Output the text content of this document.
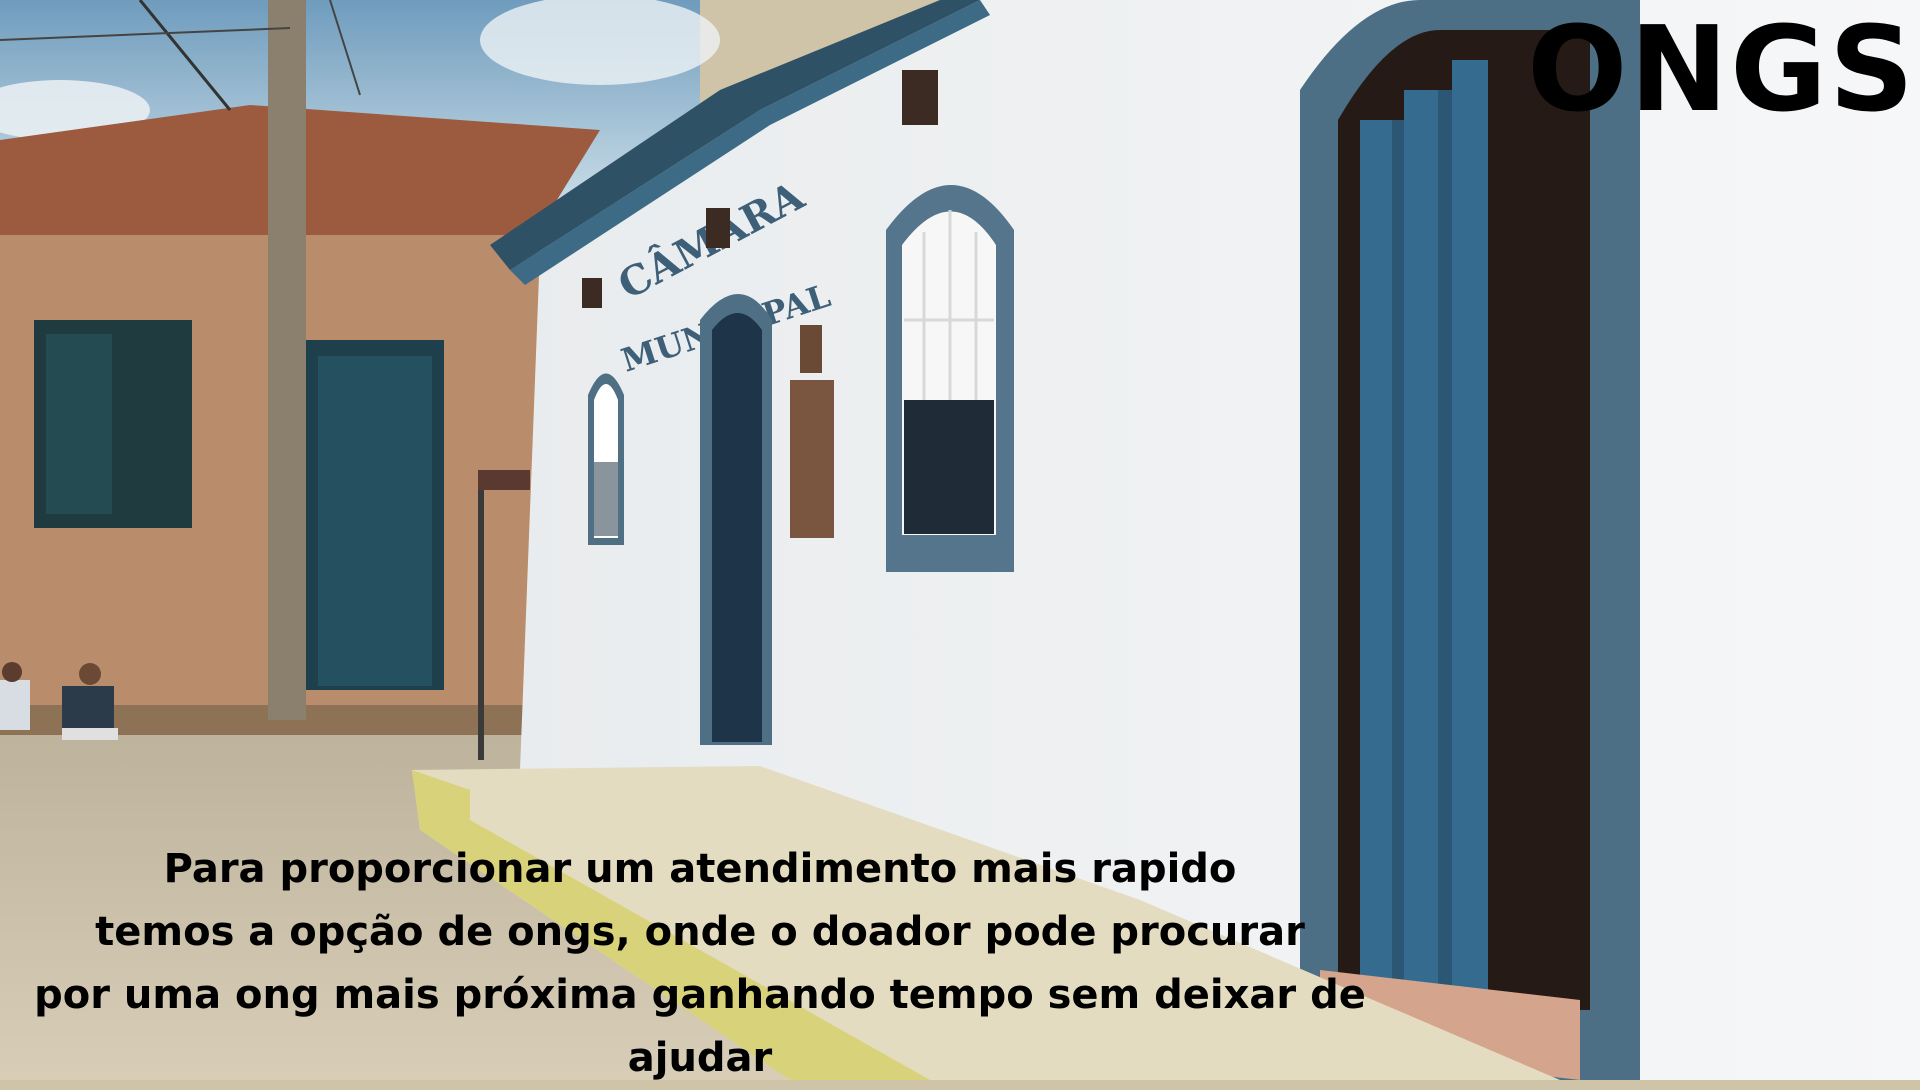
ONGS
Para proporcionar um atendimento mais rapido
temos a opção de ongs, onde o doador pode procurar
por uma ong mais próxima ganhando tempo sem deixar de
ajudar
